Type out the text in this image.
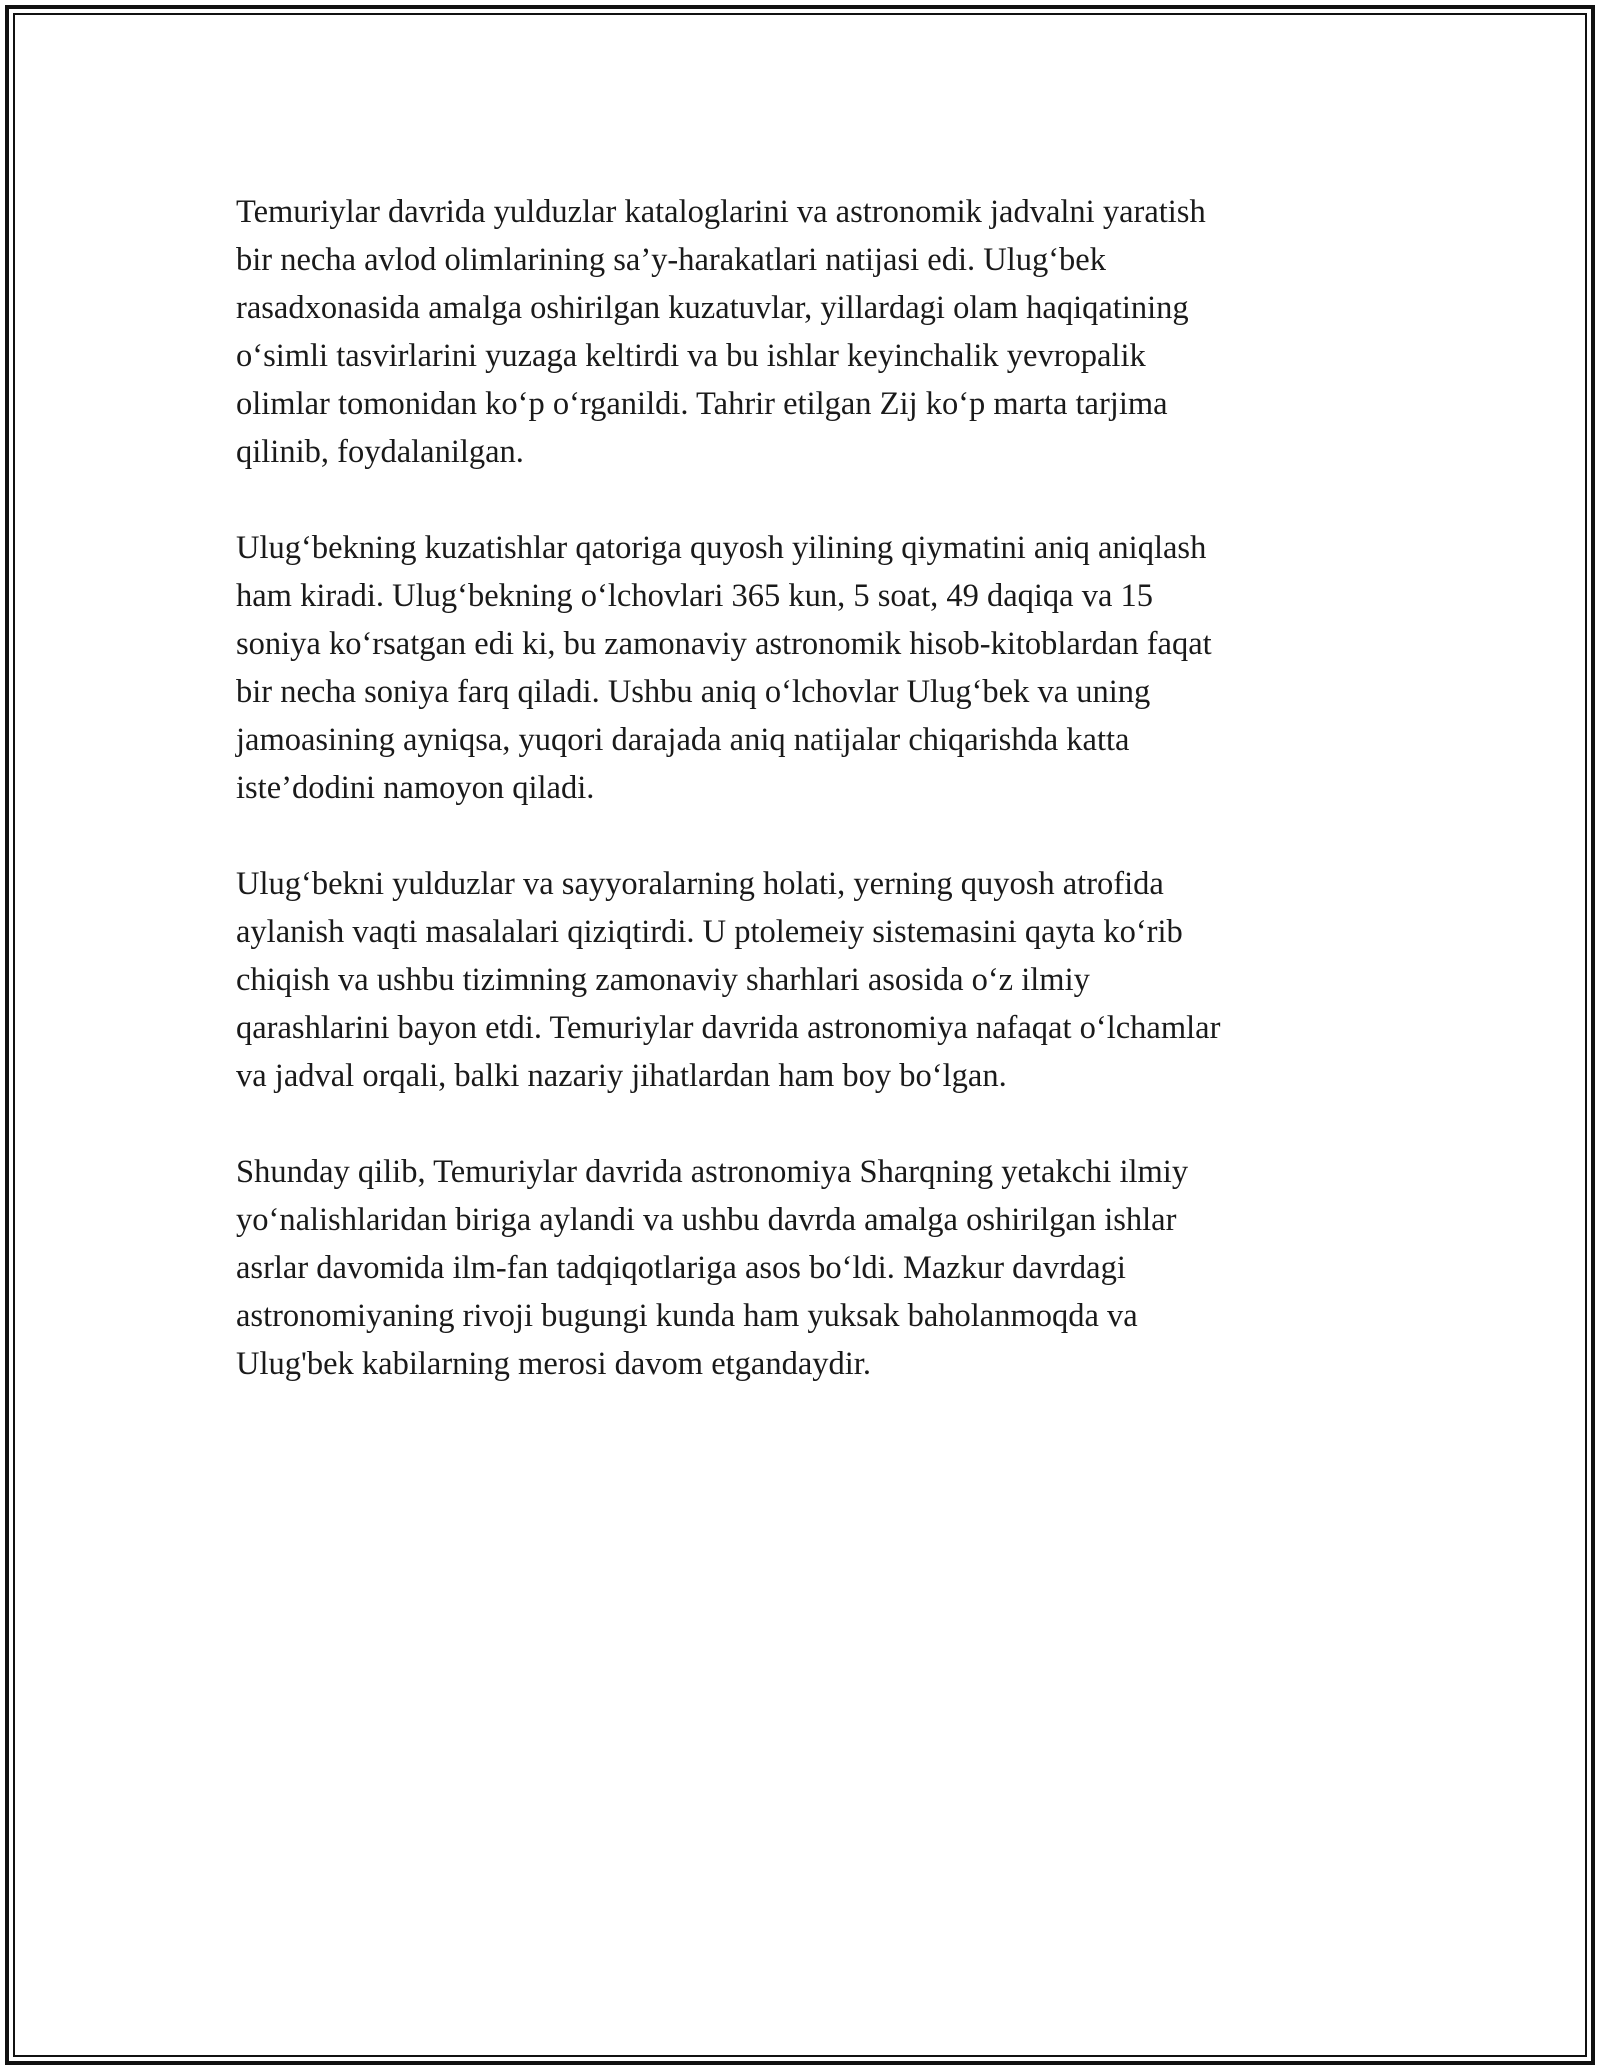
Temuriylar davrida yulduzlar kataloglarini va astronomik jadvalni yaratish
bir necha avlod olimlarining sa’y-harakatlari natijasi edi. Ulug‘bek
rasadxonasida amalga oshirilgan kuzatuvlar, yillardagi olam haqiqatining
o‘simli tasvirlarini yuzaga keltirdi va bu ishlar keyinchalik yevropalik
olimlar tomonidan ko‘p o‘rganildi. Tahrir etilgan Zij ko‘p marta tarjima
qilinib, foydalanilgan.

Ulug‘bekning kuzatishlar qatoriga quyosh yilining qiymatini aniq aniqlash
ham kiradi. Ulug‘bekning o‘lchovlari 365 kun, 5 soat, 49 daqiqa va 15
soniya ko‘rsatgan edi ki, bu zamonaviy astronomik hisob-kitoblardan faqat
bir necha soniya farq qiladi. Ushbu aniq o‘lchovlar Ulug‘bek va uning
jamoasining ayniqsa, yuqori darajada aniq natijalar chiqarishda katta
iste’dodini namoyon qiladi.

Ulug‘bekni yulduzlar va sayyoralarning holati, yerning quyosh atrofida
aylanish vaqti masalalari qiziqtirdi. U ptolemeiy sistemasini qayta ko‘rib
chiqish va ushbu tizimning zamonaviy sharhlari asosida o‘z ilmiy
qarashlarini bayon etdi. Temuriylar davrida astronomiya nafaqat o‘lchamlar
va jadval orqali, balki nazariy jihatlardan ham boy bo‘lgan.

Shunday qilib, Temuriylar davrida astronomiya Sharqning yetakchi ilmiy
yo‘nalishlaridan biriga aylandi va ushbu davrda amalga oshirilgan ishlar
asrlar davomida ilm-fan tadqiqotlariga asos bo‘ldi. Mazkur davrdagi
astronomiyaning rivoji bugungi kunda ham yuksak baholanmoqda va
Ulug'bek kabilarning merosi davom etgandaydir.
